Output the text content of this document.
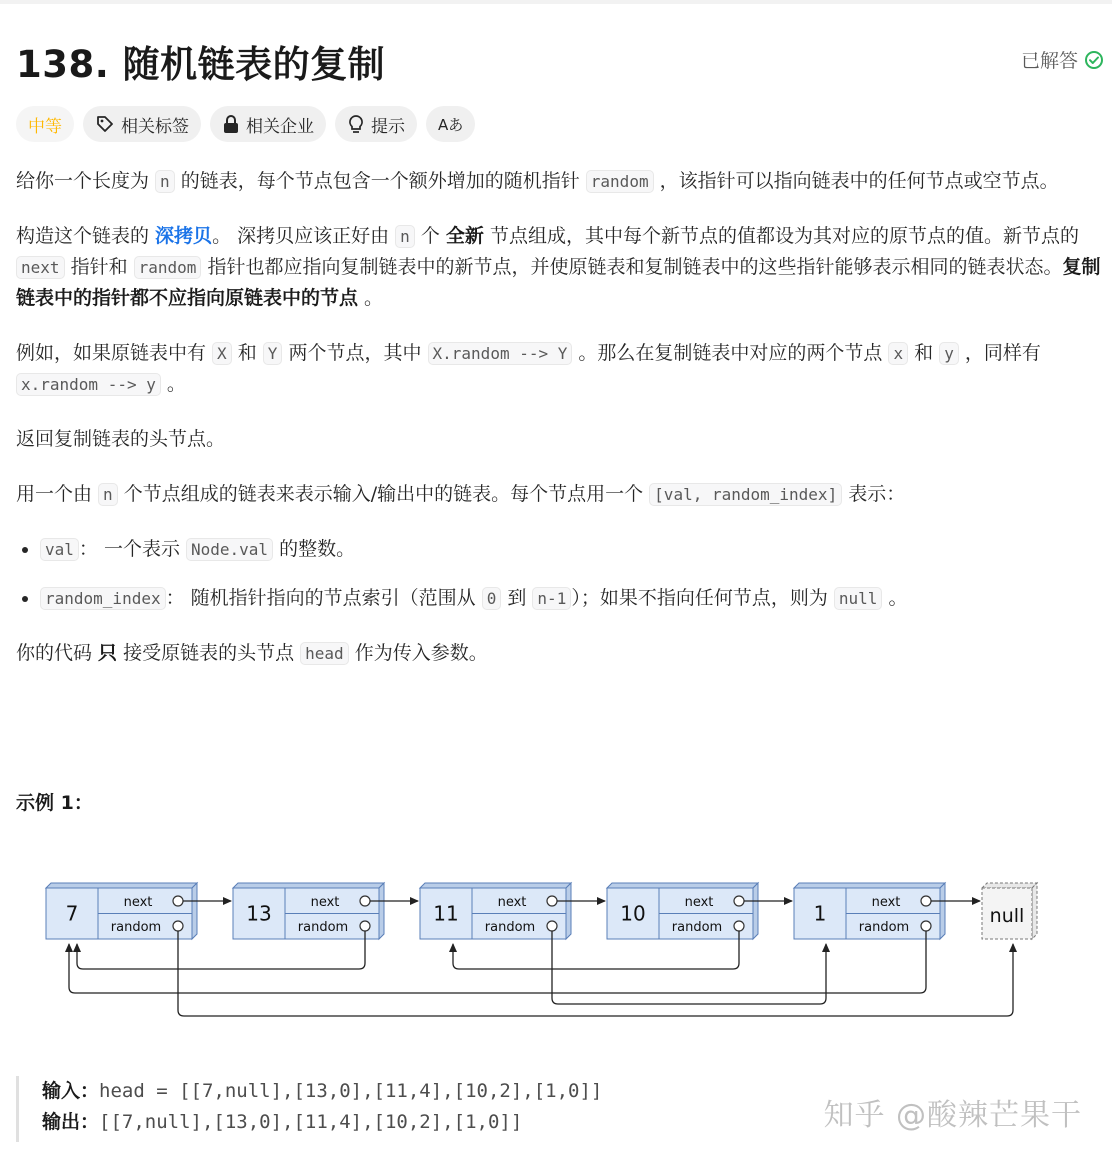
138. 随机链表的复制	已解答
中等	相关标签	相关企业	提示 Aあ

给你一个长度为 n 的链表，每个节点包含一个额外增加的随机指针 random ，该指针可以指向链表中的任何节点或空节点。

构造这个链表的 深拷贝。 深拷贝应该正好由 n 个 全新 节点组成，其中每个新节点的值都设为其对应的原节点的值。新节点的 next 指针和 random 指针也都应指向复制链表中的新节点，并使原链表和复制链表中的这些指针能够表示相同的链表状态。复制链表中的指针都不应指向原链表中的节点 。

例如，如果原链表中有 X 和 Y 两个节点，其中 X.random --> Y 。那么在复制链表中对应的两个节点 x 和 y ，同样有 x.random --> y 。

返回复制链表的头节点。

用一个由 n 个节点组成的链表来表示输入/输出中的链表。每个节点用一个 [val, random_index] 表示：

• val ： 一个表示 Node.val 的整数。
• random_index ： 随机指针指向的节点索引（范围从 0 到 n-1 ）；如果不指向任何节点，则为 null 。

你的代码 只 接受原链表的头节点 head 作为传入参数。

示例 1：
7	next
random
13	next
random
11	next
random
10	next
random
1	next
random
null
输入：head = [[7,null],[13,0],[11,4],[10,2],[1,0]]
输出：[[7,null],[13,0],[11,4],[10,2],[1,0]]	知乎 @酸辣芒果干
